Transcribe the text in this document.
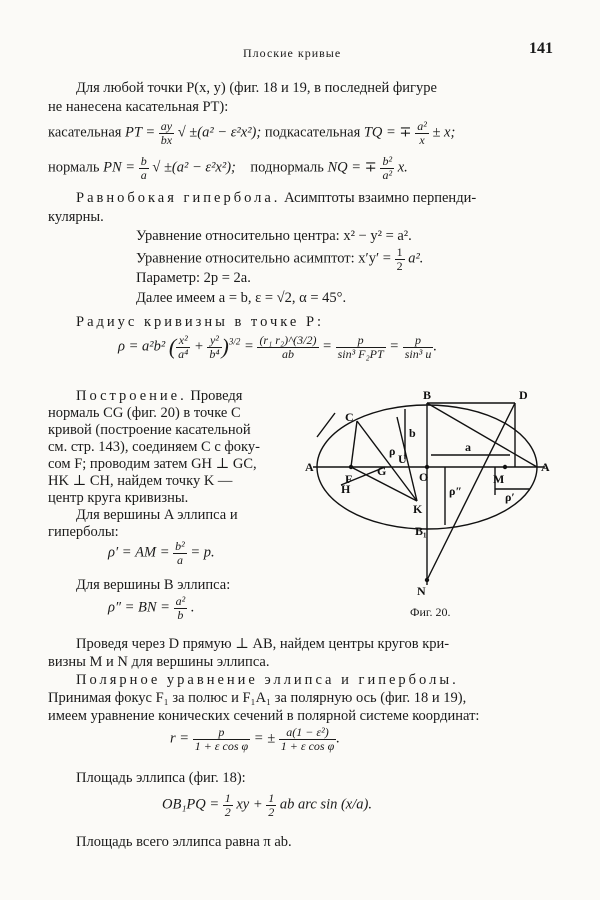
Плоские кривые	141
Для любой точки P(x, y) (фиг. 18 и 19, в последней фигуре
не нанесена касательная PT):
касательная PT = $\frac{ay}{bx}$ √ ±(a² − ε²x²); подкасательная TQ = ∓ $\frac{\text{a²}}{x} \pm x$;
нормаль PN = $\frac{b}{a}$ √ ±(a² − ε²x²); поднормаль NQ = ∓ $\frac{\text{b²}}{\text{a²}} x$.
Равнобокая гипербола. Асимптоты взаимно перпенди-
кулярны.
Уравнение относительно центра: x² − y² = a².
Уравнение относительно асимптот: $x'y' = \frac{1}{2} a^2$.
Параметр: 2p = 2a.
Далее имеем a = b, ε = √2, α = 45°.
Радиус кривизны в точке P:
ρ = a²b² ( $\frac{\text{x²}}{\text{a⁴}} + \frac{\text{y²}}{\text{b⁴}} )^{3/2} = \frac{\text{(r₁ r₂)\textasciicircum{}(3/2)}}{ab} = \frac{p}{\text{sin³ F₂PT}} = \frac{p}{\text{sin³ u}}$ .
Построение. Проведя
нормаль CG (фиг. 20) в точке C
кривой (построение касательной
см. стр. 143), соединяем C с фоку-
сом F; проводим затем GH ⊥ GC,
HK ⊥ CH, найдем точку K —
центр круга кривизны.
Для вершины A эллипса и
гиперболы:
ρ′ = AM = $\frac{\text{b²}}{a} = p$.
Для вершины B эллипса:
ρ″ = BN = $\frac{\text{a²}}{b}$ .
B	D
C
b
ρ	a
A	A
F
G	O
U
ρ′
ρ″
H
K
M
B₁
N
Фиг. 20.
Проведя через D прямую ⊥ AB, найдем центры кругов кри-
визны M и N для вершины эллипса.
Полярное уравнение эллипса и гиперболы.
Принимая фокус F₁ за полюс и F₁A₁ за полярную ось (фиг. 18 и 19),
имеем уравнение конических сечений в полярной системе координат:
$r = \frac{p}{\text{1 + ε cos φ}}$ = ± $\frac{\text{a(1 − ε²)}}{\text{1 + ε cos φ}}$ .
Площадь эллипса (фиг. 18):
$OB_1PQ = \frac{1}{2}$ xy + $\frac{1}{2}$ ab arc sin (x/a).
Площадь всего эллипса равна π ab.
